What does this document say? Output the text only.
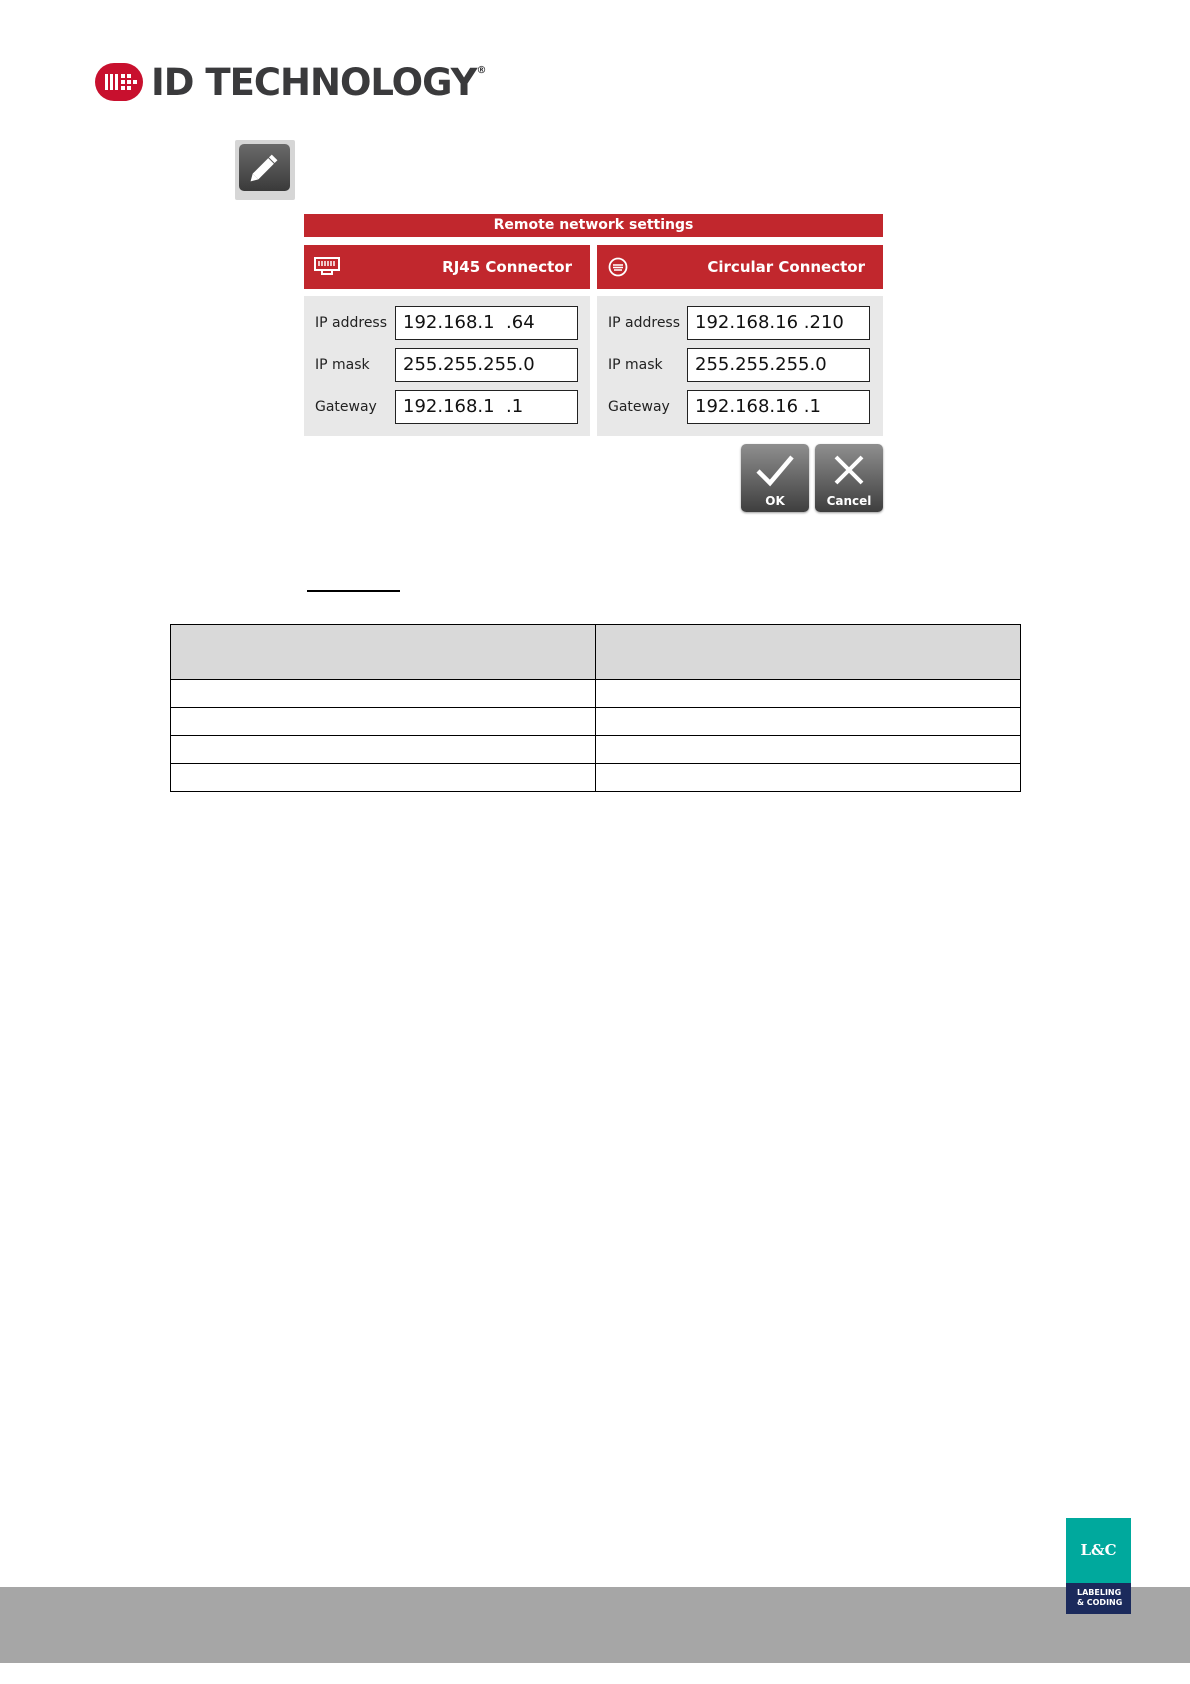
ID TECHNOLOGY®
Remote network settings
RJ45 Connector
IP address 192.168.1  .64
IP mask	255.255.255.0
Gateway	192.168.1  .1
Circular Connector
IP address 192.168.16 .210
IP mask	255.255.255.0
Gateway	192.168.16 .1
OK	Cancel

L&C
LABELING
& CODING
